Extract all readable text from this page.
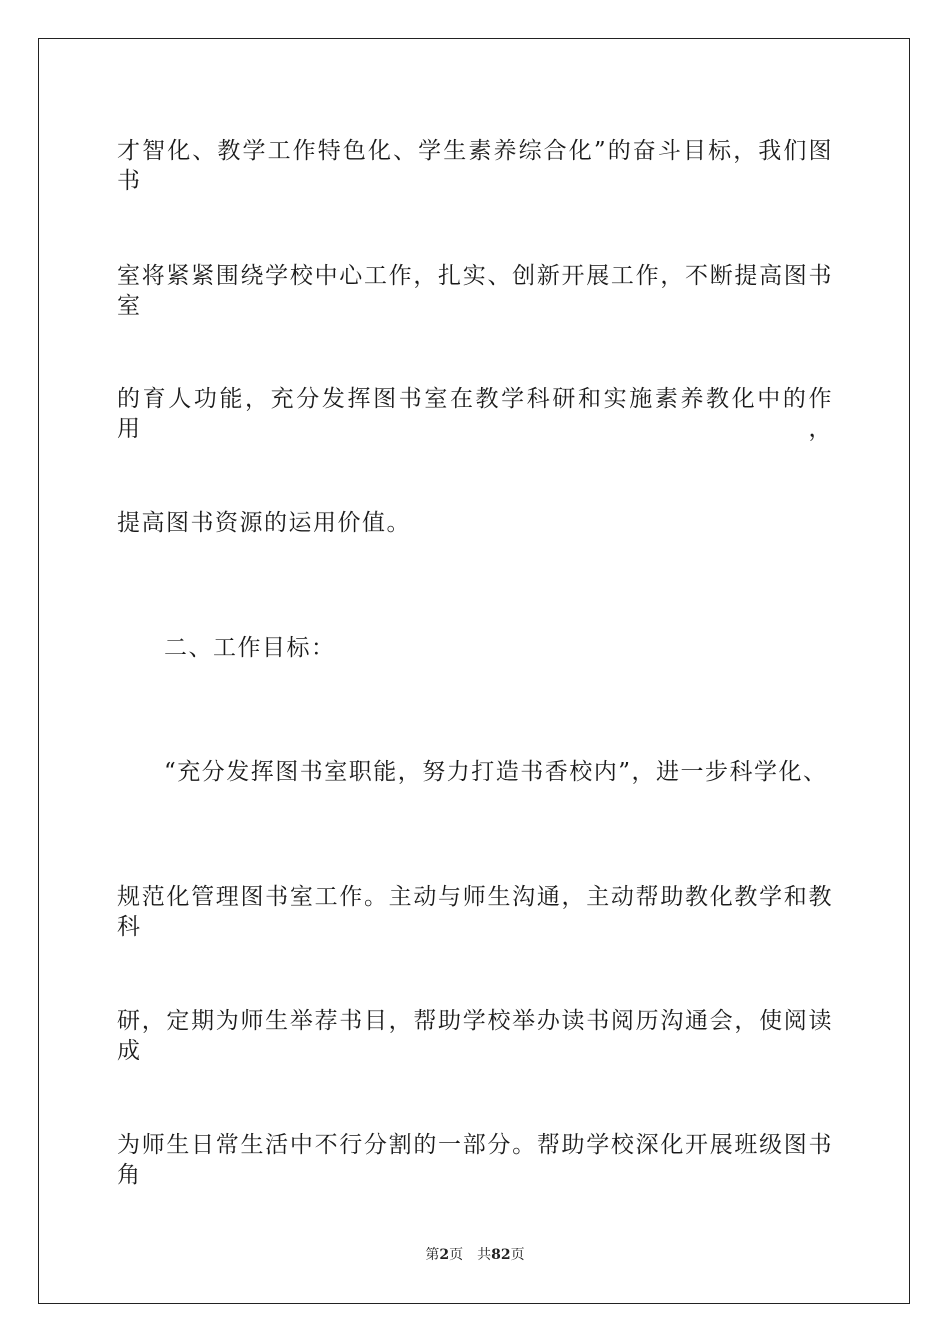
才智化、教学工作特色化、学生素养综合化”的奋斗目标，我们图书
室将紧紧围绕学校中心工作，扎实、创新开展工作，不断提高图书室
的育人功能，充分发挥图书室在教学科研和实施素养教化中的作用，
提高图书资源的运用价值。
二、工作目标：
“充分发挥图书室职能，努力打造书香校内”，进一步科学化、
规范化管理图书室工作。主动与师生沟通，主动帮助教化教学和教科
研，定期为师生举荐书目，帮助学校举办读书阅历沟通会，使阅读成
为师生日常生活中不行分割的一部分。帮助学校深化开展班级图书角
第2页 共82页
